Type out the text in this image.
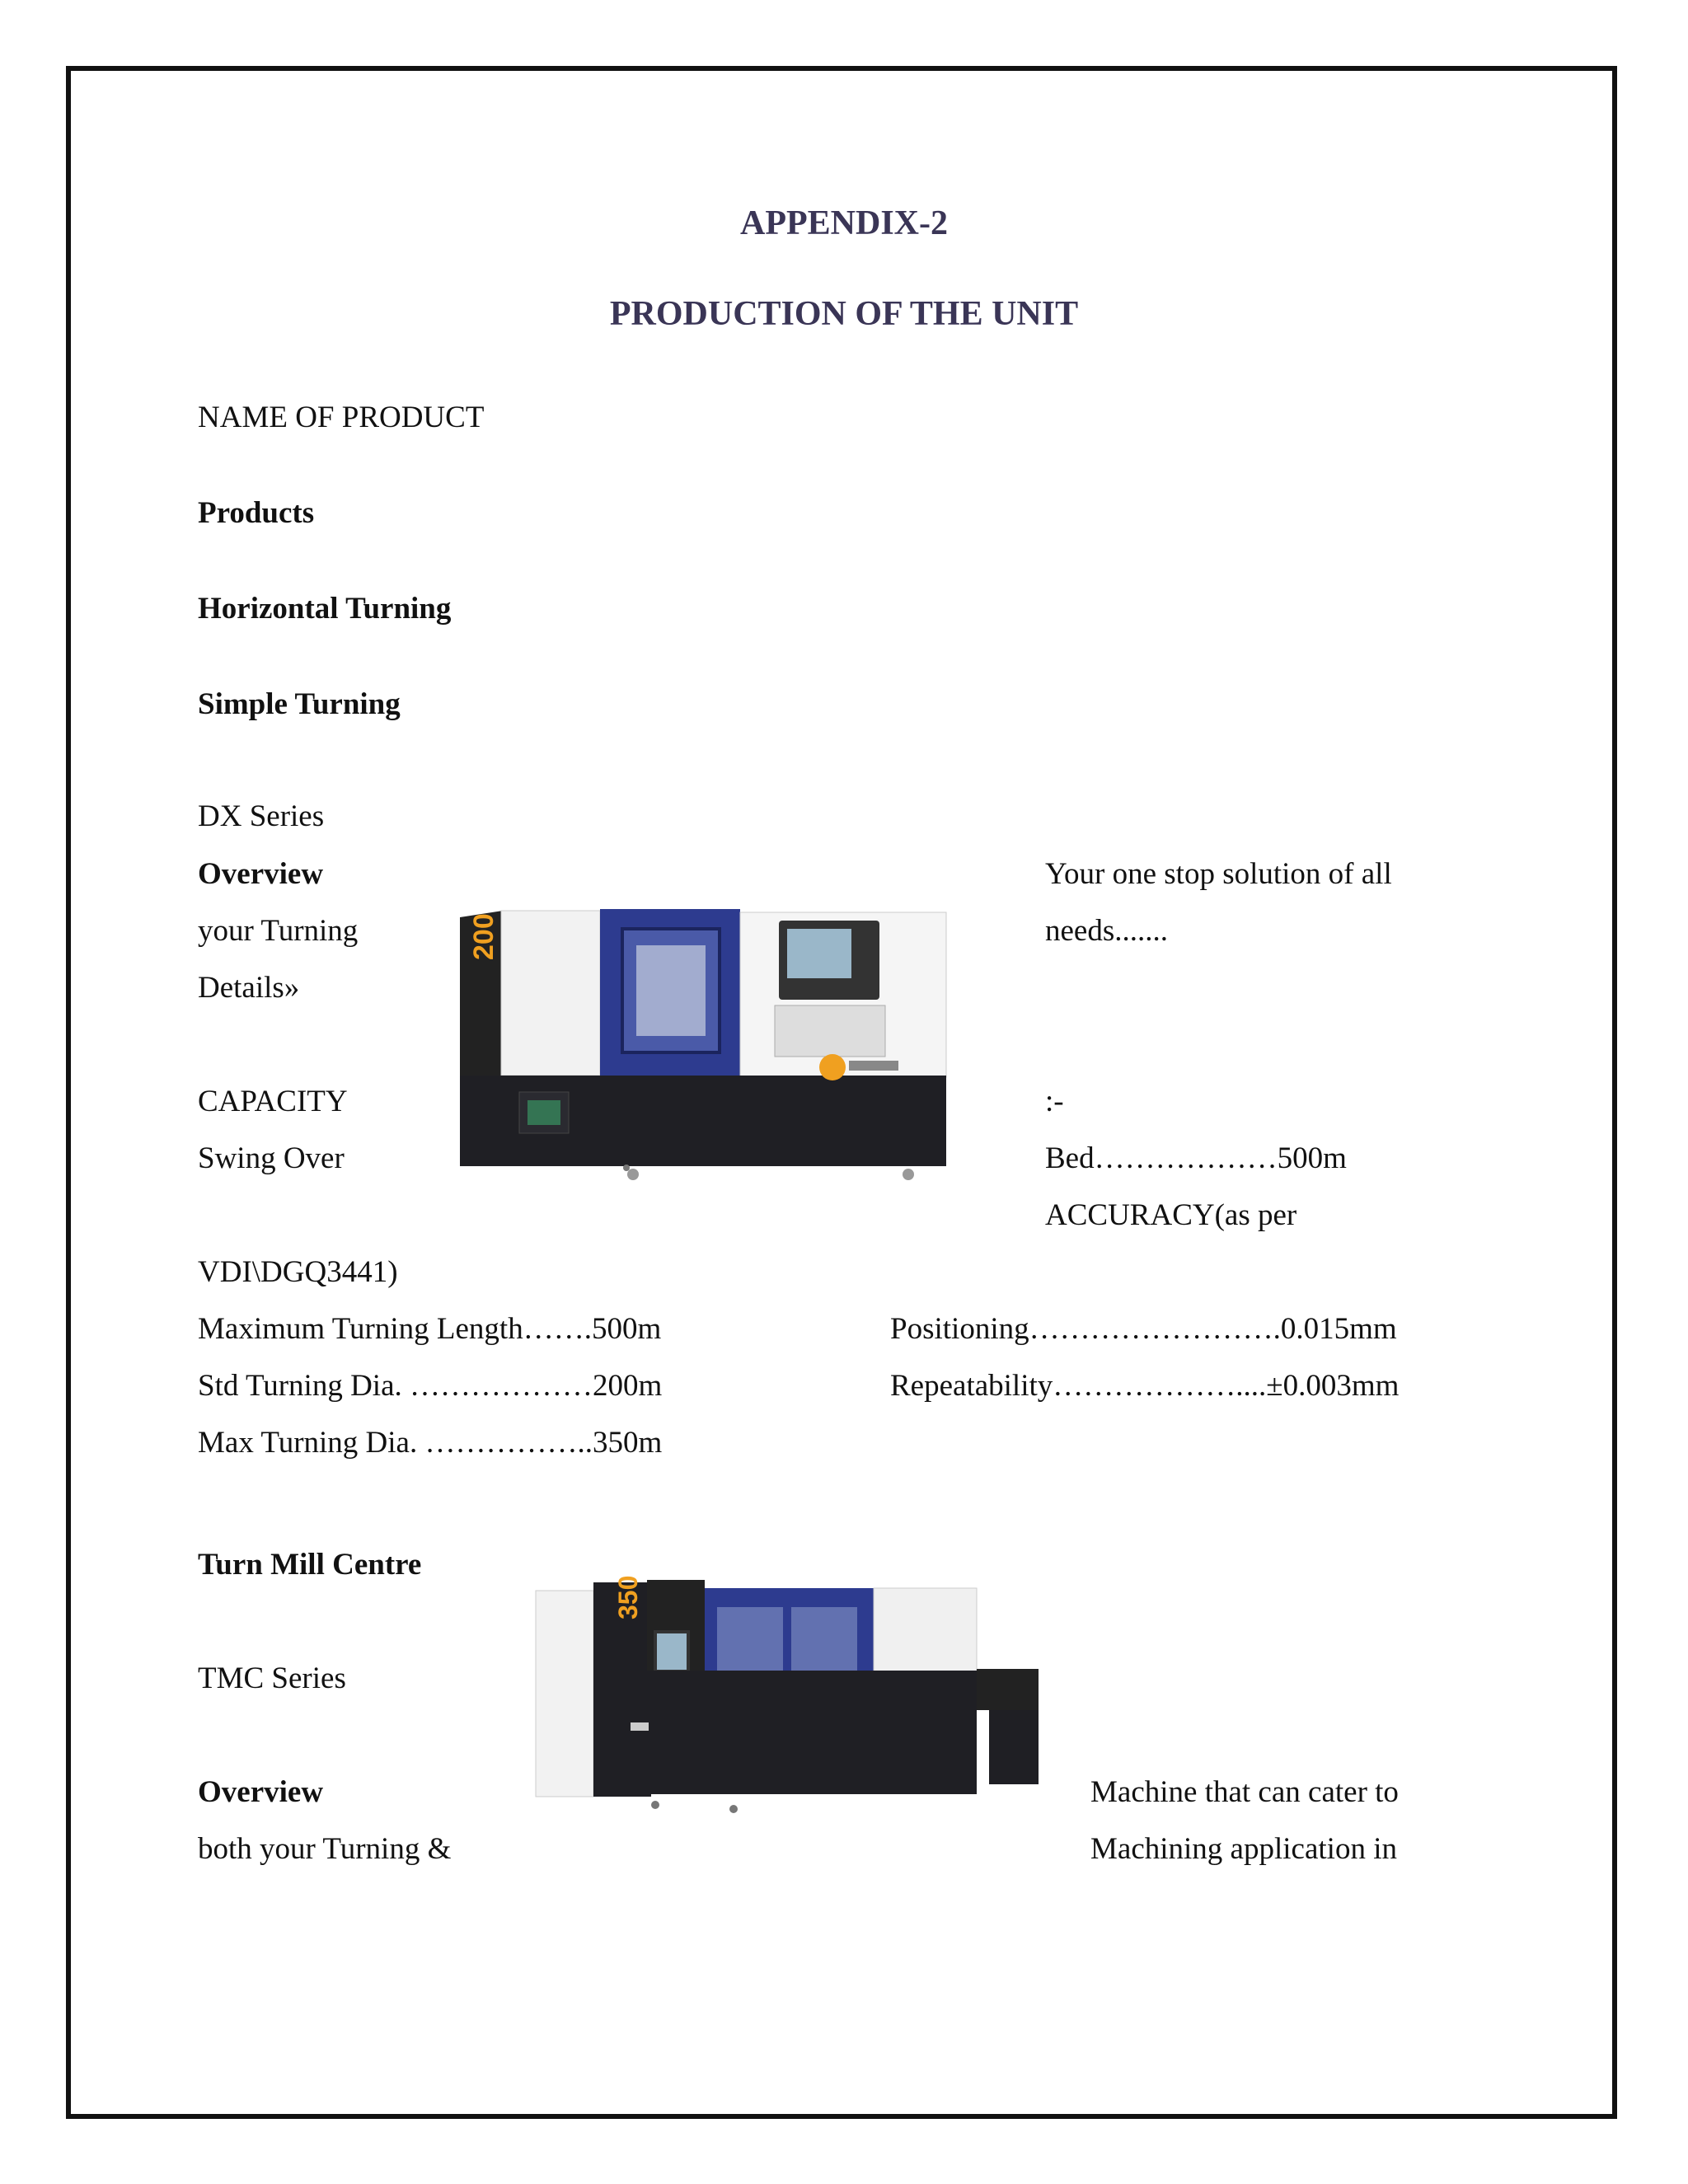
APPENDIX-2
PRODUCTION OF THE UNIT
NAME OF PRODUCT
Products
Horizontal Turning
Simple Turning
DX Series
Overview
your Turning
Details»
Your one stop solution of all
needs.......
CAPACITY	:-
Swing Over	Bed………………500m
ACCURACY(as per
VDI\DGQ3441)
Maximum Turning Length…….500m
Std Turning Dia. ………………200m
Max Turning Dia. ……………..350m
Positioning…………………….0.015mm
Repeatability………………....±0.003mm
Turn Mill Centre
TMC Series
Overview
both your Turning &
Machine that can cater to
Machining application in
200
350
